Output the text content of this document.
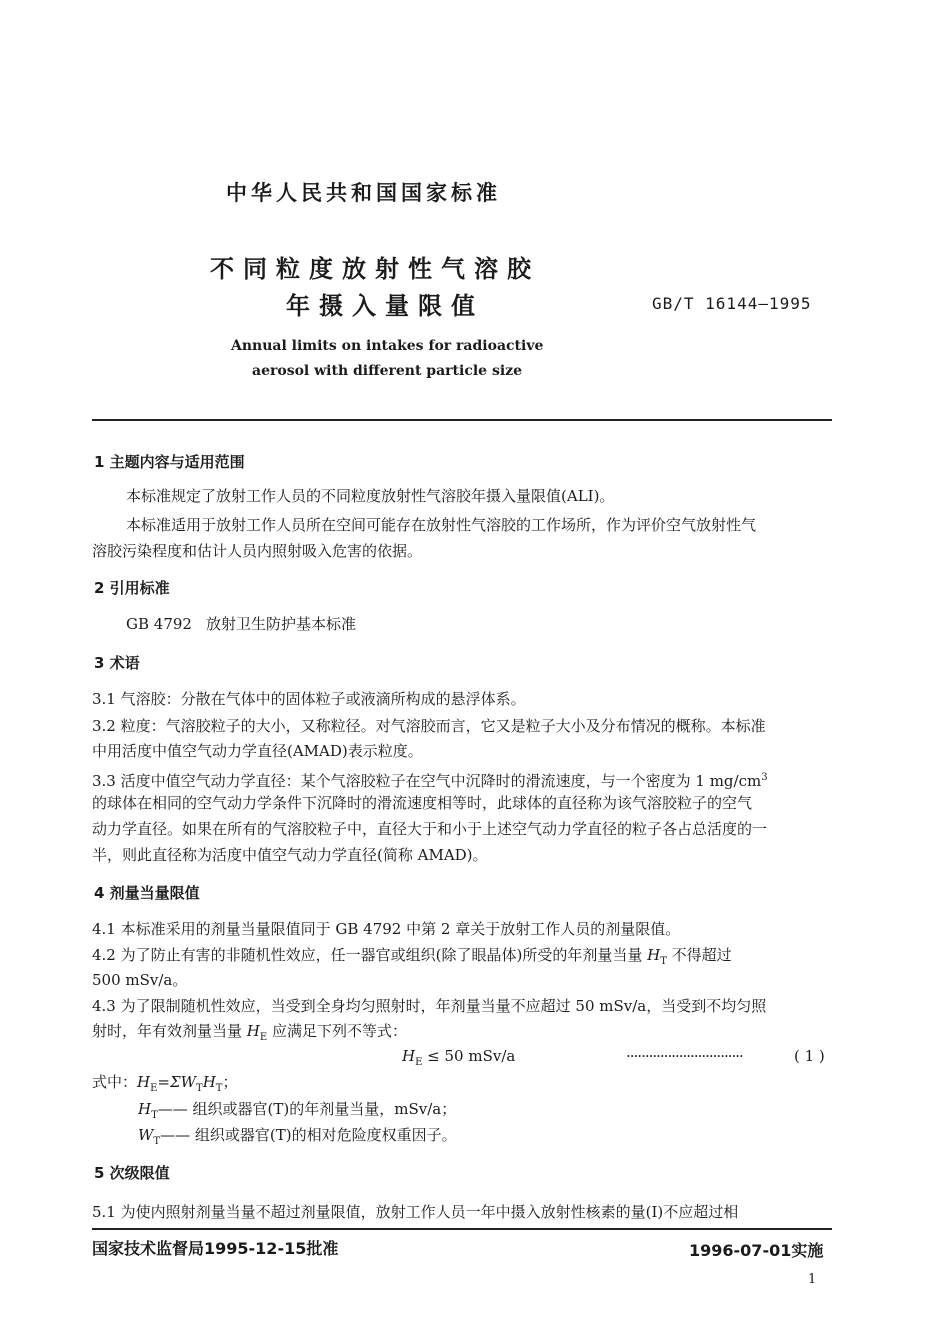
中华人民共和国国家标准
不同粒度放射性气溶胶
年摄入量限值	GB/T 16144—1995
Annual limits on intakes for radioactive
aerosol with different particle size
1 主题内容与适用范围
本标准规定了放射工作人员的不同粒度放射性气溶胶年摄入量限值(ALI)。
本标准适用于放射工作人员所在空间可能存在放射性气溶胶的工作场所，作为评价空气放射性气
溶胶污染程度和估计人员内照射吸入危害的依据。
2 引用标准
GB 4792 放射卫生防护基本标准
3 术语
3.1 气溶胶：分散在气体中的固体粒子或液滴所构成的悬浮体系。
3.2 粒度：气溶胶粒子的大小，又称粒径。对气溶胶而言，它又是粒子大小及分布情况的概称。本标准
中用活度中值空气动力学直径(AMAD)表示粒度。
3.3 活度中值空气动力学直径：某个气溶胶粒子在空气中沉降时的滑流速度，与一个密度为 1 $mg/cm^3$
的球体在相同的空气动力学条件下沉降时的滑流速度相等时，此球体的直径称为该气溶胶粒子的空气
动力学直径。如果在所有的气溶胶粒子中，直径大于和小于上述空气动力学直径的粒子各占总活度的一
半，则此直径称为活度中值空气动力学直径(简称 AMAD)。
4 剂量当量限值
4.1 本标准采用的剂量当量限值同于 GB 4792 中第 2 章关于放射工作人员的剂量限值。
4.2 为了防止有害的非随机性效应，任一器官或组织(除了眼晶体)所受的年剂量当量 $H_T$ 不得超过
500 mSv/a。
4.3 为了限制随机性效应，当受到全身均匀照射时，年剂量当量不应超过 50 mSv/a，当受到不均匀照
射时，年有效剂量当量 $H_E$ 应满足下列不等式：
$H_E \le 50$ mSv/a	·······························	( 1 )
式中：$H_E=\Sigma W_TH_T$；
$H_T——$ 组织或器官(T)的年剂量当量，mSv/a；
$W_T——$ 组织或器官(T)的相对危险度权重因子。
5 次级限值
5.1 为使内照射剂量当量不超过剂量限值，放射工作人员一年中摄入放射性核素的量(I)不应超过相
国家技术监督局1995-12-15批准	1996-07-01实施
1
